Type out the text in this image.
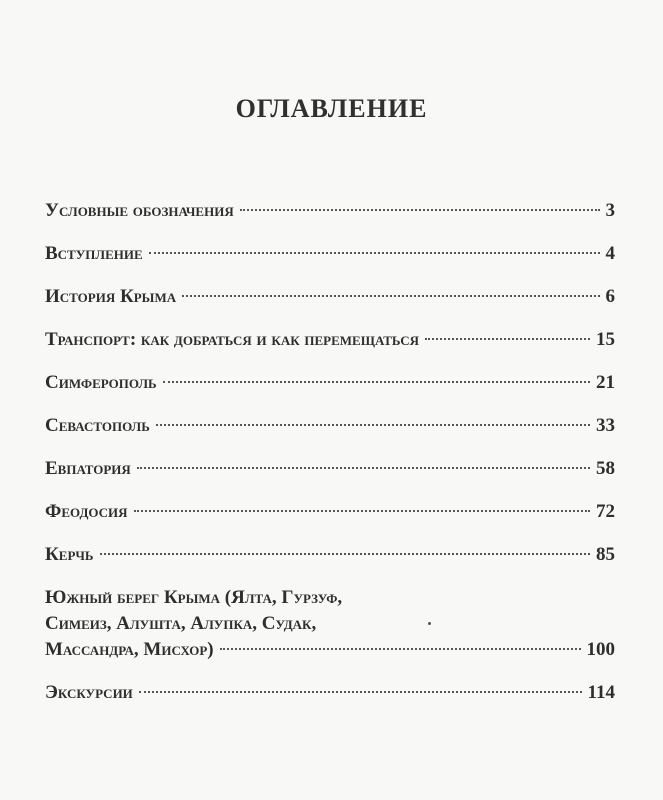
ОГЛАВЛЕНИЕ
Условные обозначения	3
Вступление	4
История Крыма	6
Транспорт: как добраться и как перемещаться	15
Симферополь	21
Севастополь	33
Евпатория	58
Феодосия	72
Керчь	85
Южный берег Крыма (Ялта, Гурзуф,
Симеиз, Алушта, Алупка, Судак,
Массандра, Мисхор)	100
Экскурсии	114
